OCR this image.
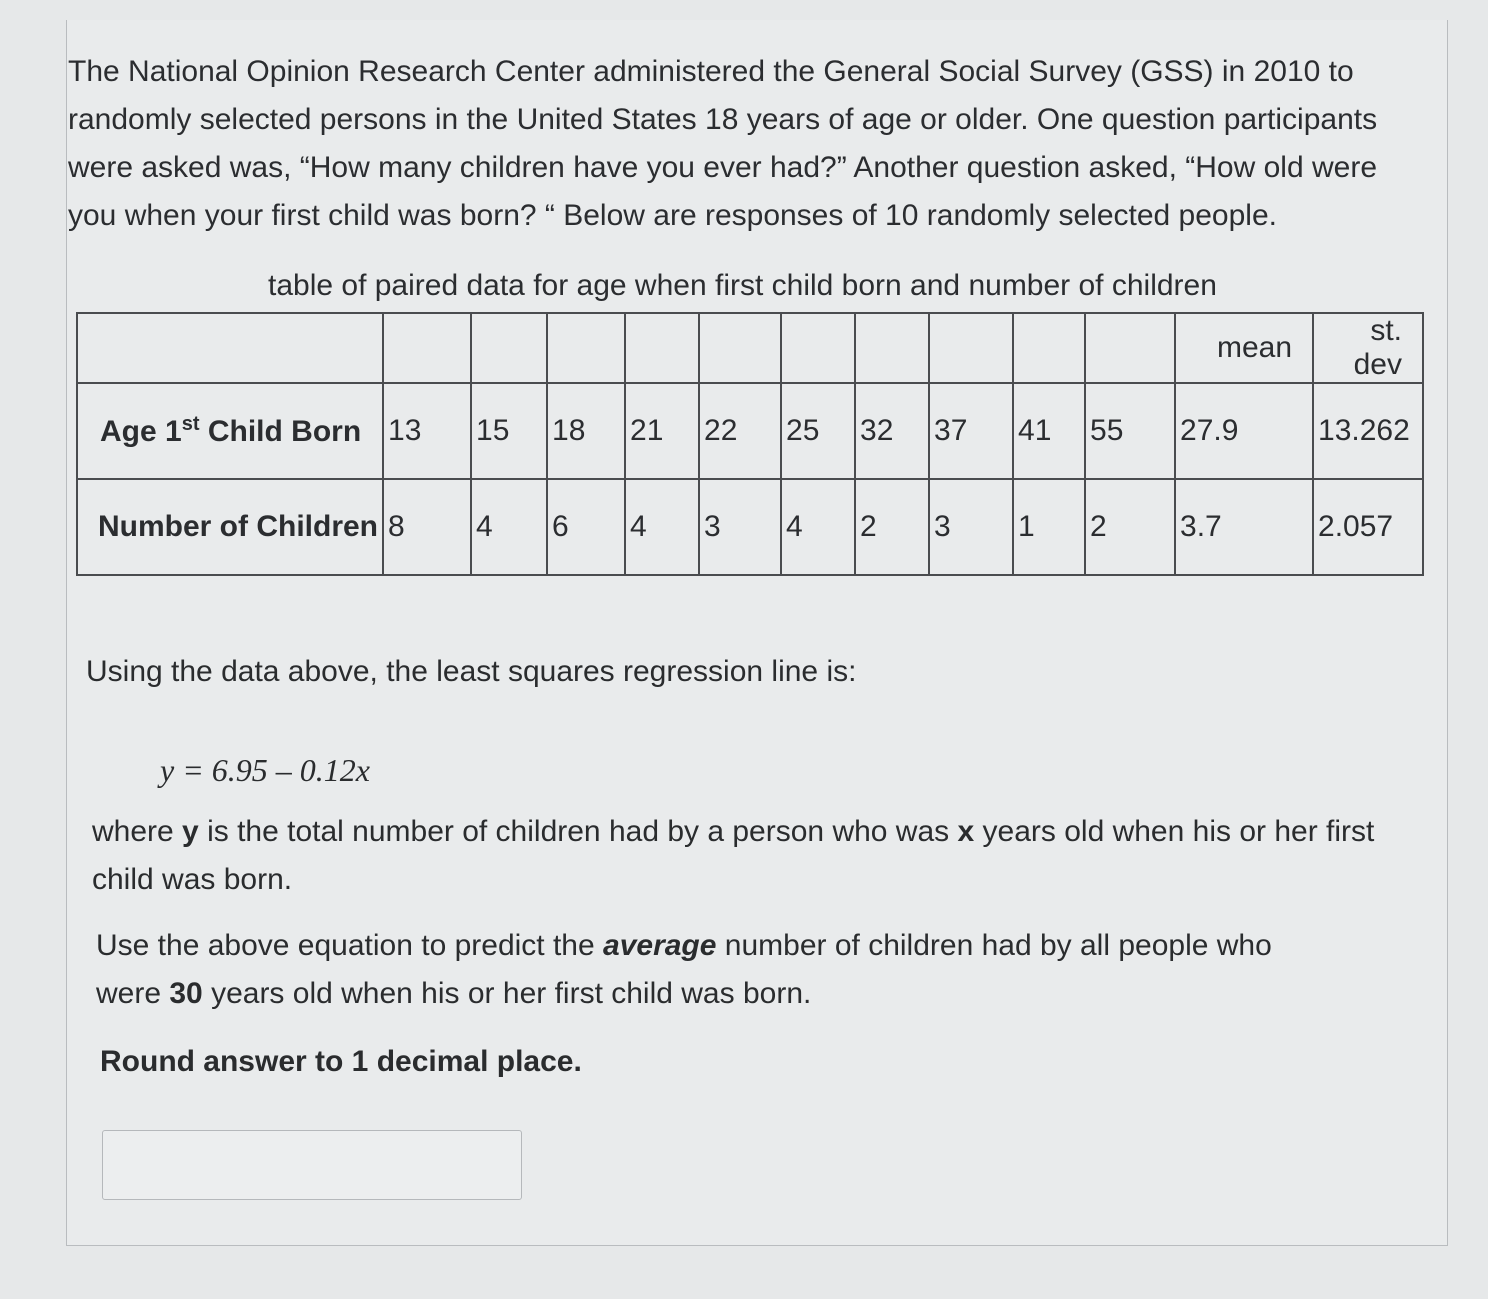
The National Opinion Research Center administered the General Social Survey (GSS) in 2010 to randomly selected persons in the United States 18 years of age or older. One question participants were asked was, “How many children have you ever had?” Another question asked, “How old were you when your first child was born? “ Below are responses of 10 randomly selected people.

table of paired data for age when first child born and number of children

											mean	st. dev
Age 1st Child Born	13	15	18	21	22	25	32	37	41	55	27.9	13.262
Number of Children	8	4	6	4	3	4	2	3	1	2	3.7	2.057

Using the data above, the least squares regression line is:

y = 6.95 – 0.12x

where y is the total number of children had by a person who was x years old when his or her first child was born.

Use the above equation to predict the average number of children had by all people who were 30 years old when his or her first child was born.

Round answer to 1 decimal place.
